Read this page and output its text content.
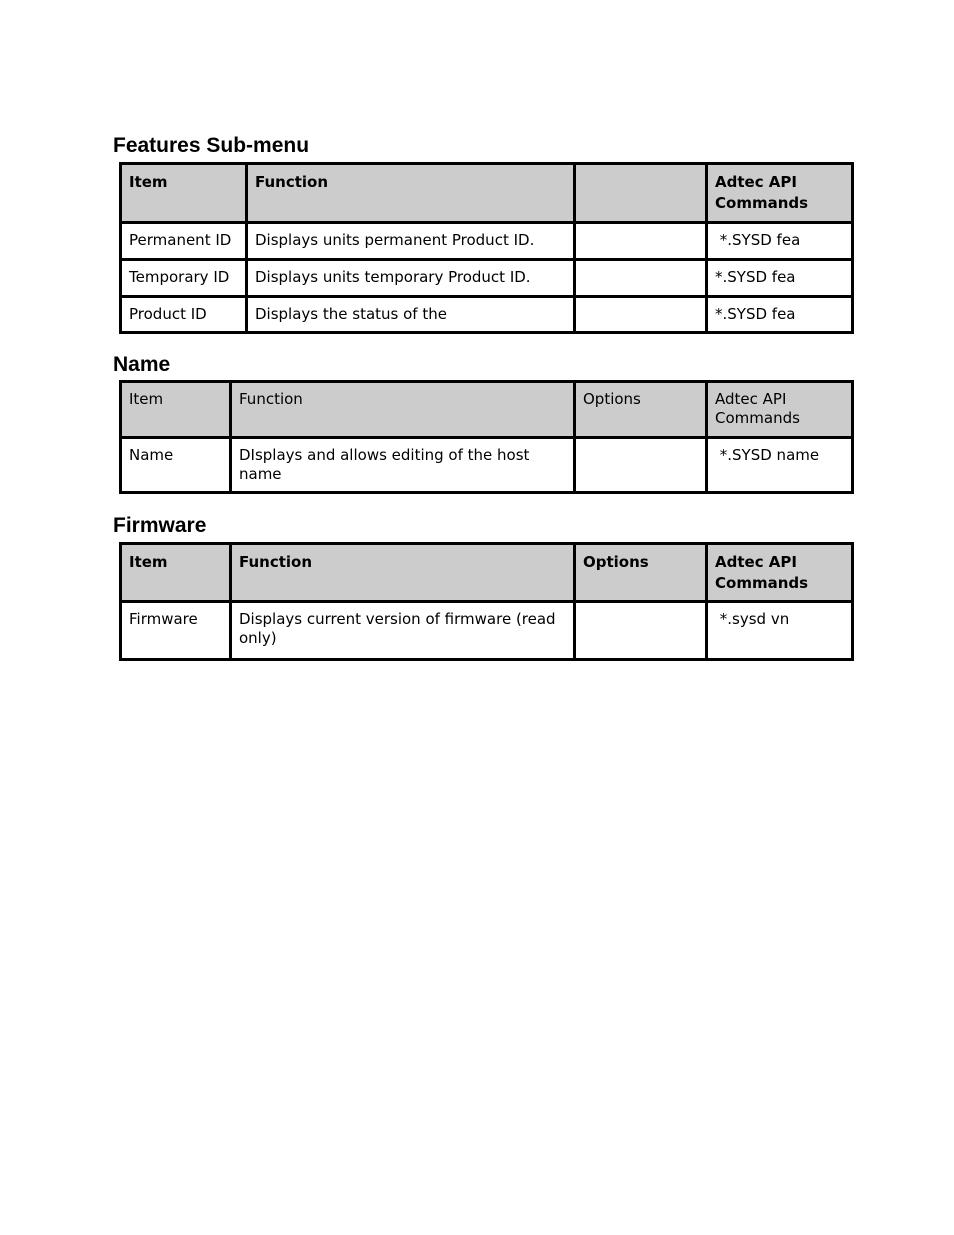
Features Sub-menu
Item	Function		Adtec API Commands
Permanent ID	Displays units permanent Product ID.		*.SYSD fea
Temporary ID	Displays units temporary Product ID.		*.SYSD fea
Product ID	Displays the status of the		*.SYSD fea
Name
Item	Function	Options	Adtec API Commands
Name	DIsplays and allows editing of the host name		*.SYSD name
Firmware
Item	Function	Options	Adtec API Commands
Firmware	Displays current version of firmware (read only)		*.sysd vn
